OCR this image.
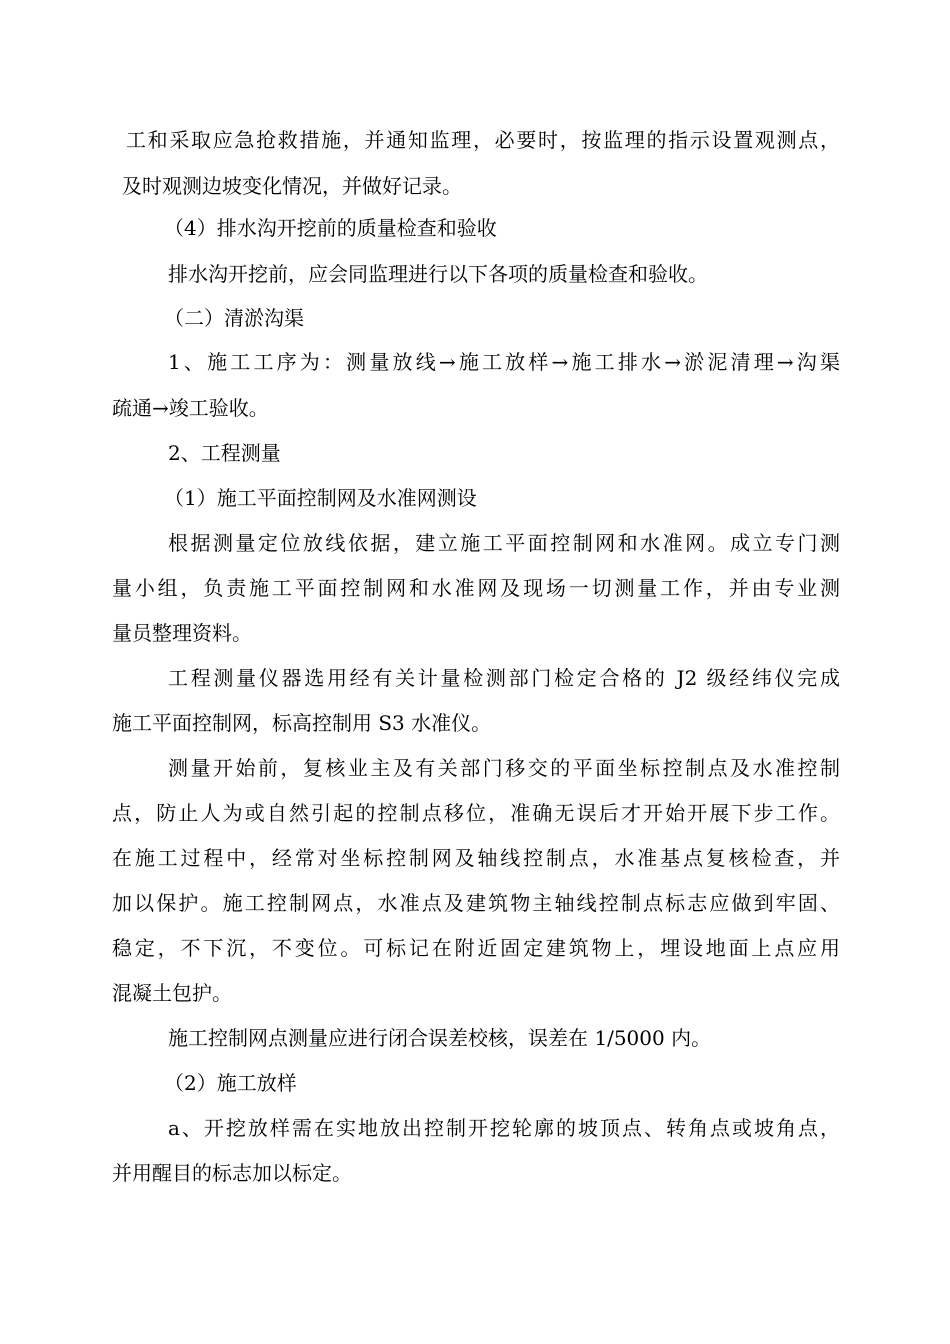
工和采取应急抢救措施，并通知监理，必要时，按监理的指示设置观测点，
及时观测边坡变化情况，并做好记录。
（4）排水沟开挖前的质量检查和验收
排水沟开挖前，应会同监理进行以下各项的质量检查和验收。
（二）清淤沟渠
1、施工工序为：测量放线→施工放样→施工排水→淤泥清理→沟渠
疏通→竣工验收。
2、工程测量
（1）施工平面控制网及水准网测设
根据测量定位放线依据，建立施工平面控制网和水准网。成立专门测
量小组，负责施工平面控制网和水准网及现场一切测量工作，并由专业测
量员整理资料。
工程测量仪器选用经有关计量检测部门检定合格的 J2 级经纬仪完成
施工平面控制网，标高控制用 S3 水准仪。
测量开始前，复核业主及有关部门移交的平面坐标控制点及水准控制
点，防止人为或自然引起的控制点移位，准确无误后才开始开展下步工作。
在施工过程中，经常对坐标控制网及轴线控制点，水准基点复核检查，并
加以保护。施工控制网点，水准点及建筑物主轴线控制点标志应做到牢固、
稳定，不下沉，不变位。可标记在附近固定建筑物上，埋设地面上点应用
混凝土包护。
施工控制网点测量应进行闭合误差校核，误差在 1/5000 内。
（2）施工放样
a、开挖放样需在实地放出控制开挖轮廓的坡顶点、转角点或坡角点，
并用醒目的标志加以标定。
